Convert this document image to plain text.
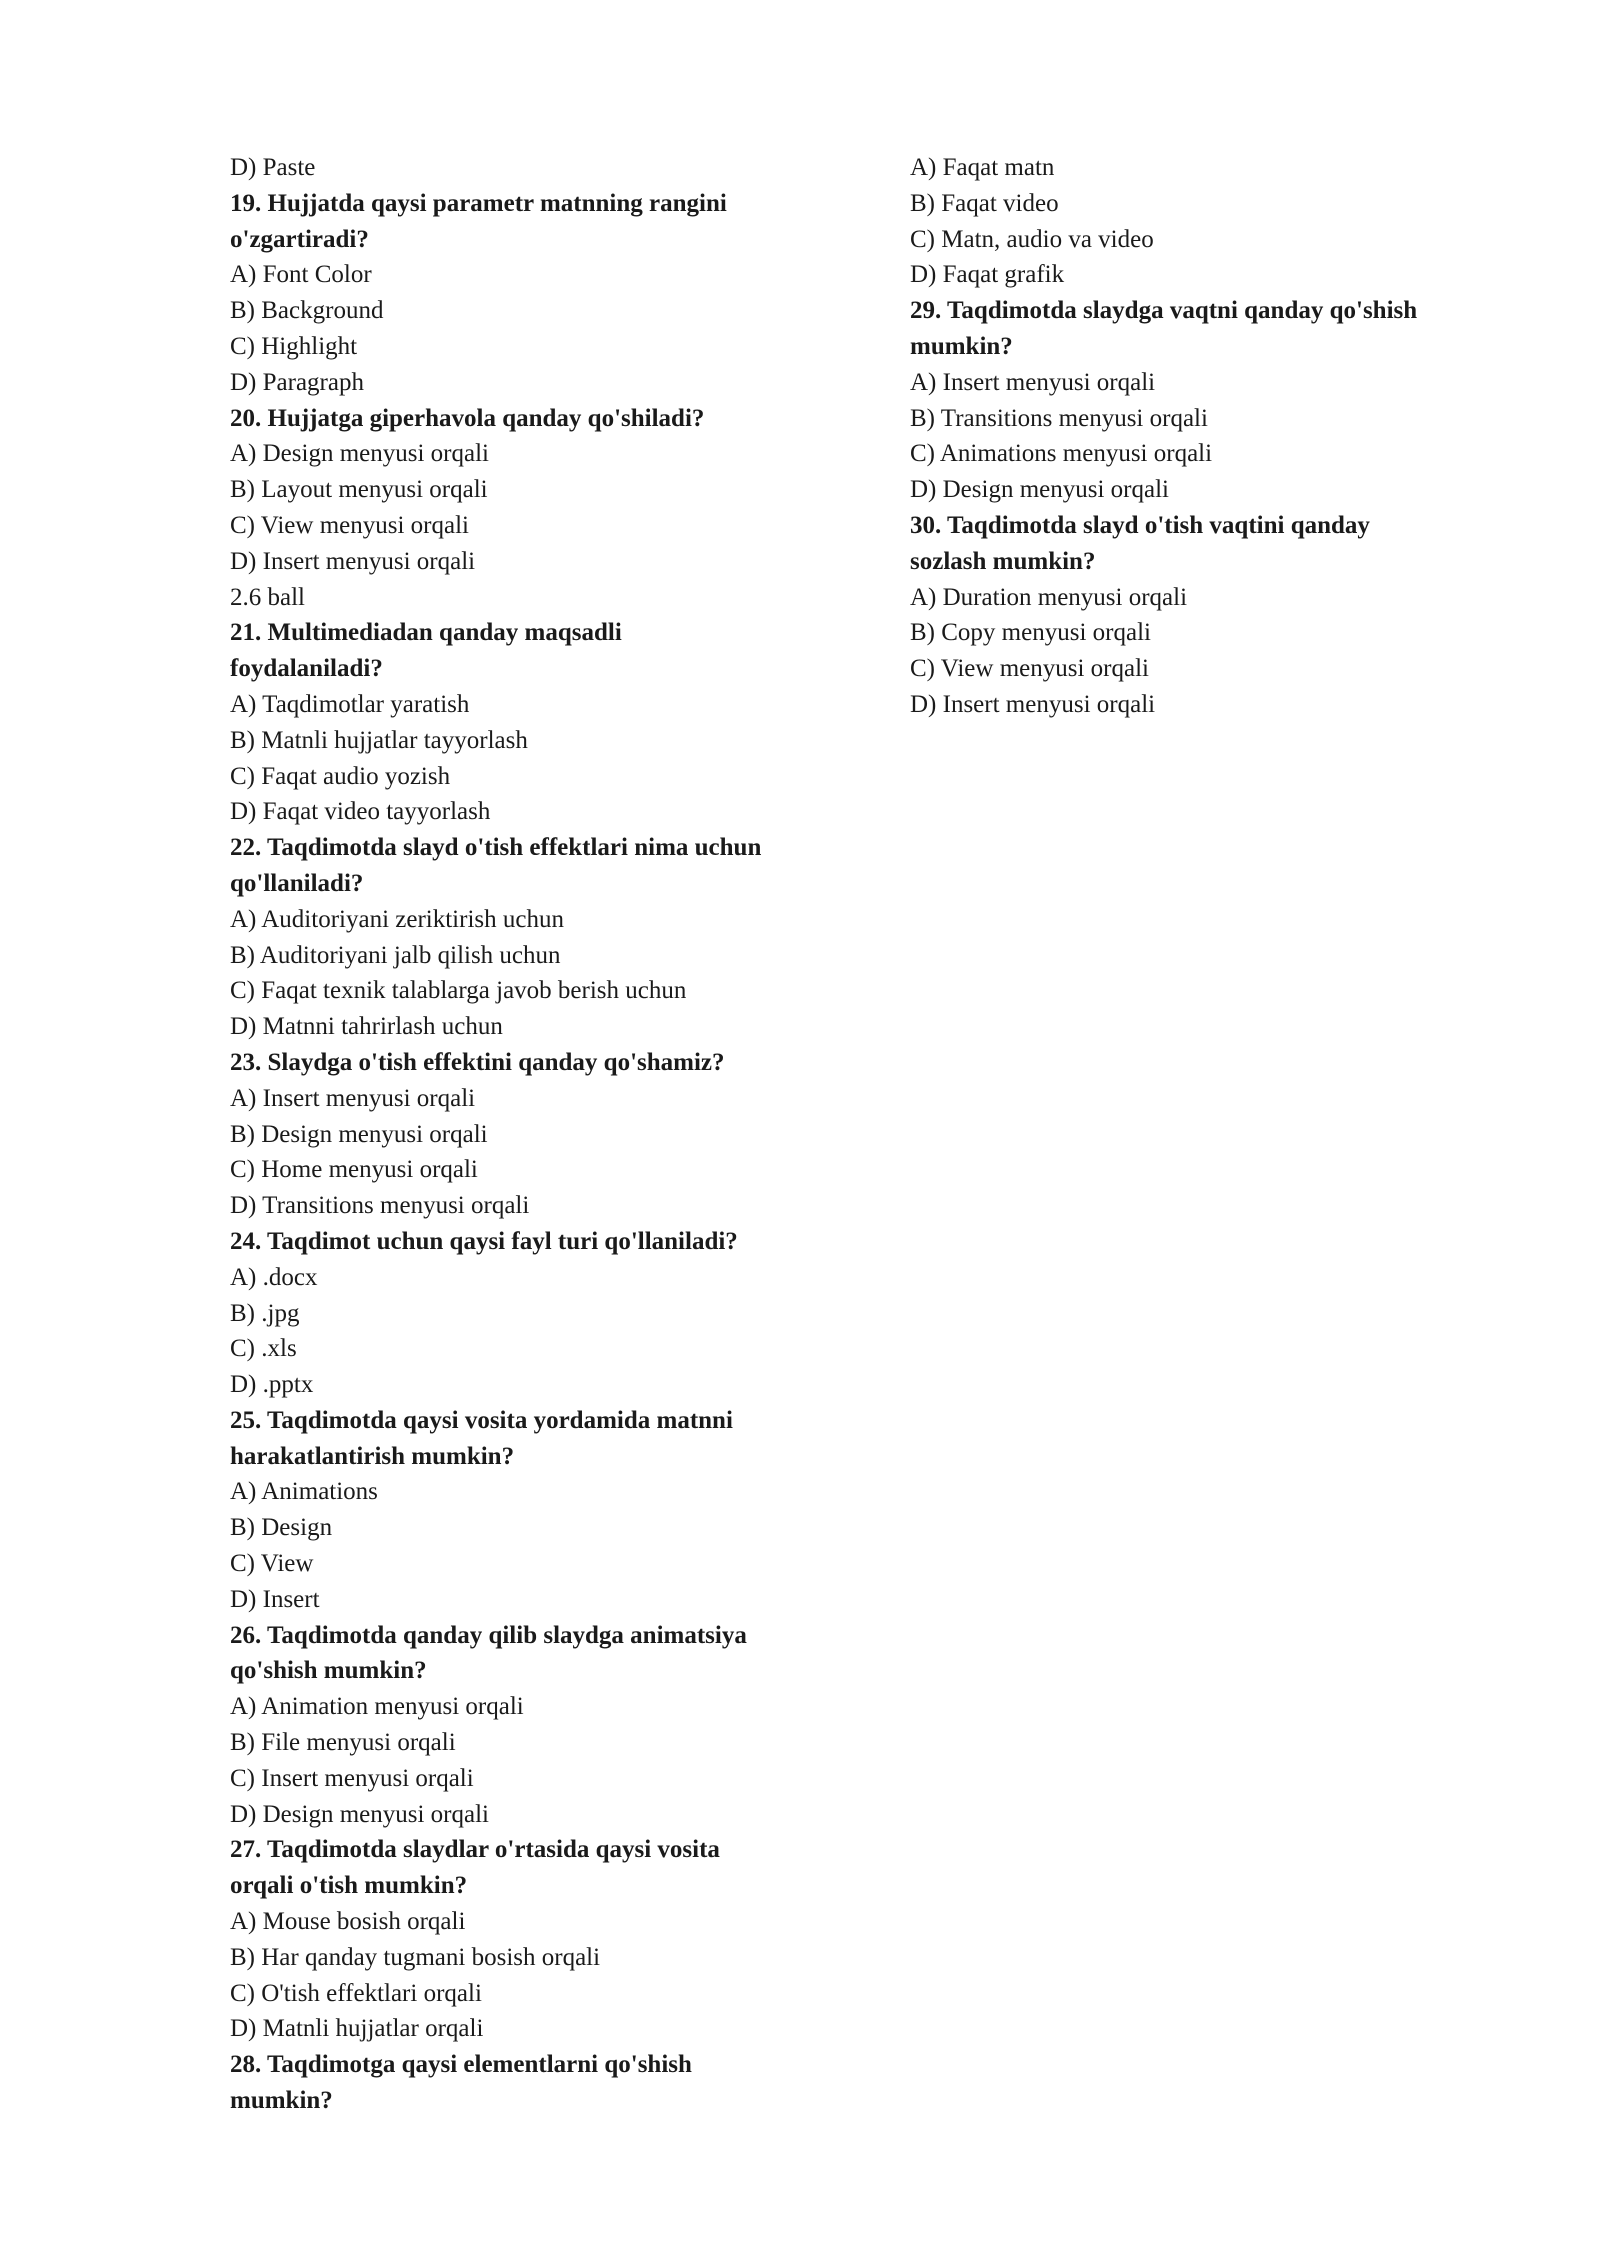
D) Paste
19. Hujjatda qaysi parametr matnning rangini
o'zgartiradi?
A) Font Color
B) Background
C) Highlight
D) Paragraph
20. Hujjatga giperhavola qanday qo'shiladi?
A) Design menyusi orqali
B) Layout menyusi orqali
C) View menyusi orqali
D) Insert menyusi orqali
2.6 ball
21. Multimediadan qanday maqsadli
foydalaniladi?
A) Taqdimotlar yaratish
B) Matnli hujjatlar tayyorlash
C) Faqat audio yozish
D) Faqat video tayyorlash
22. Taqdimotda slayd o'tish effektlari nima uchun
qo'llaniladi?
A) Auditoriyani zeriktirish uchun
B) Auditoriyani jalb qilish uchun
C) Faqat texnik talablarga javob berish uchun
D) Matnni tahrirlash uchun
23. Slaydga o'tish effektini qanday qo'shamiz?
A) Insert menyusi orqali
B) Design menyusi orqali
C) Home menyusi orqali
D) Transitions menyusi orqali
24. Taqdimot uchun qaysi fayl turi qo'llaniladi?
A) .docx
B) .jpg
C) .xls
D) .pptx
25. Taqdimotda qaysi vosita yordamida matnni
harakatlantirish mumkin?
A) Animations
B) Design
C) View
D) Insert
26. Taqdimotda qanday qilib slaydga animatsiya
qo'shish mumkin?
A) Animation menyusi orqali
B) File menyusi orqali
C) Insert menyusi orqali
D) Design menyusi orqali
27. Taqdimotda slaydlar o'rtasida qaysi vosita
orqali o'tish mumkin?
A) Mouse bosish orqali
B) Har qanday tugmani bosish orqali
C) O'tish effektlari orqali
D) Matnli hujjatlar orqali
28. Taqdimotga qaysi elementlarni qo'shish
mumkin?
A) Faqat matn
B) Faqat video
C) Matn, audio va video
D) Faqat grafik
29. Taqdimotda slaydga vaqtni qanday qo'shish
mumkin?
A) Insert menyusi orqali
B) Transitions menyusi orqali
C) Animations menyusi orqali
D) Design menyusi orqali
30. Taqdimotda slayd o'tish vaqtini qanday
sozlash mumkin?
A) Duration menyusi orqali
B) Copy menyusi orqali
C) View menyusi orqali
D) Insert menyusi orqali
